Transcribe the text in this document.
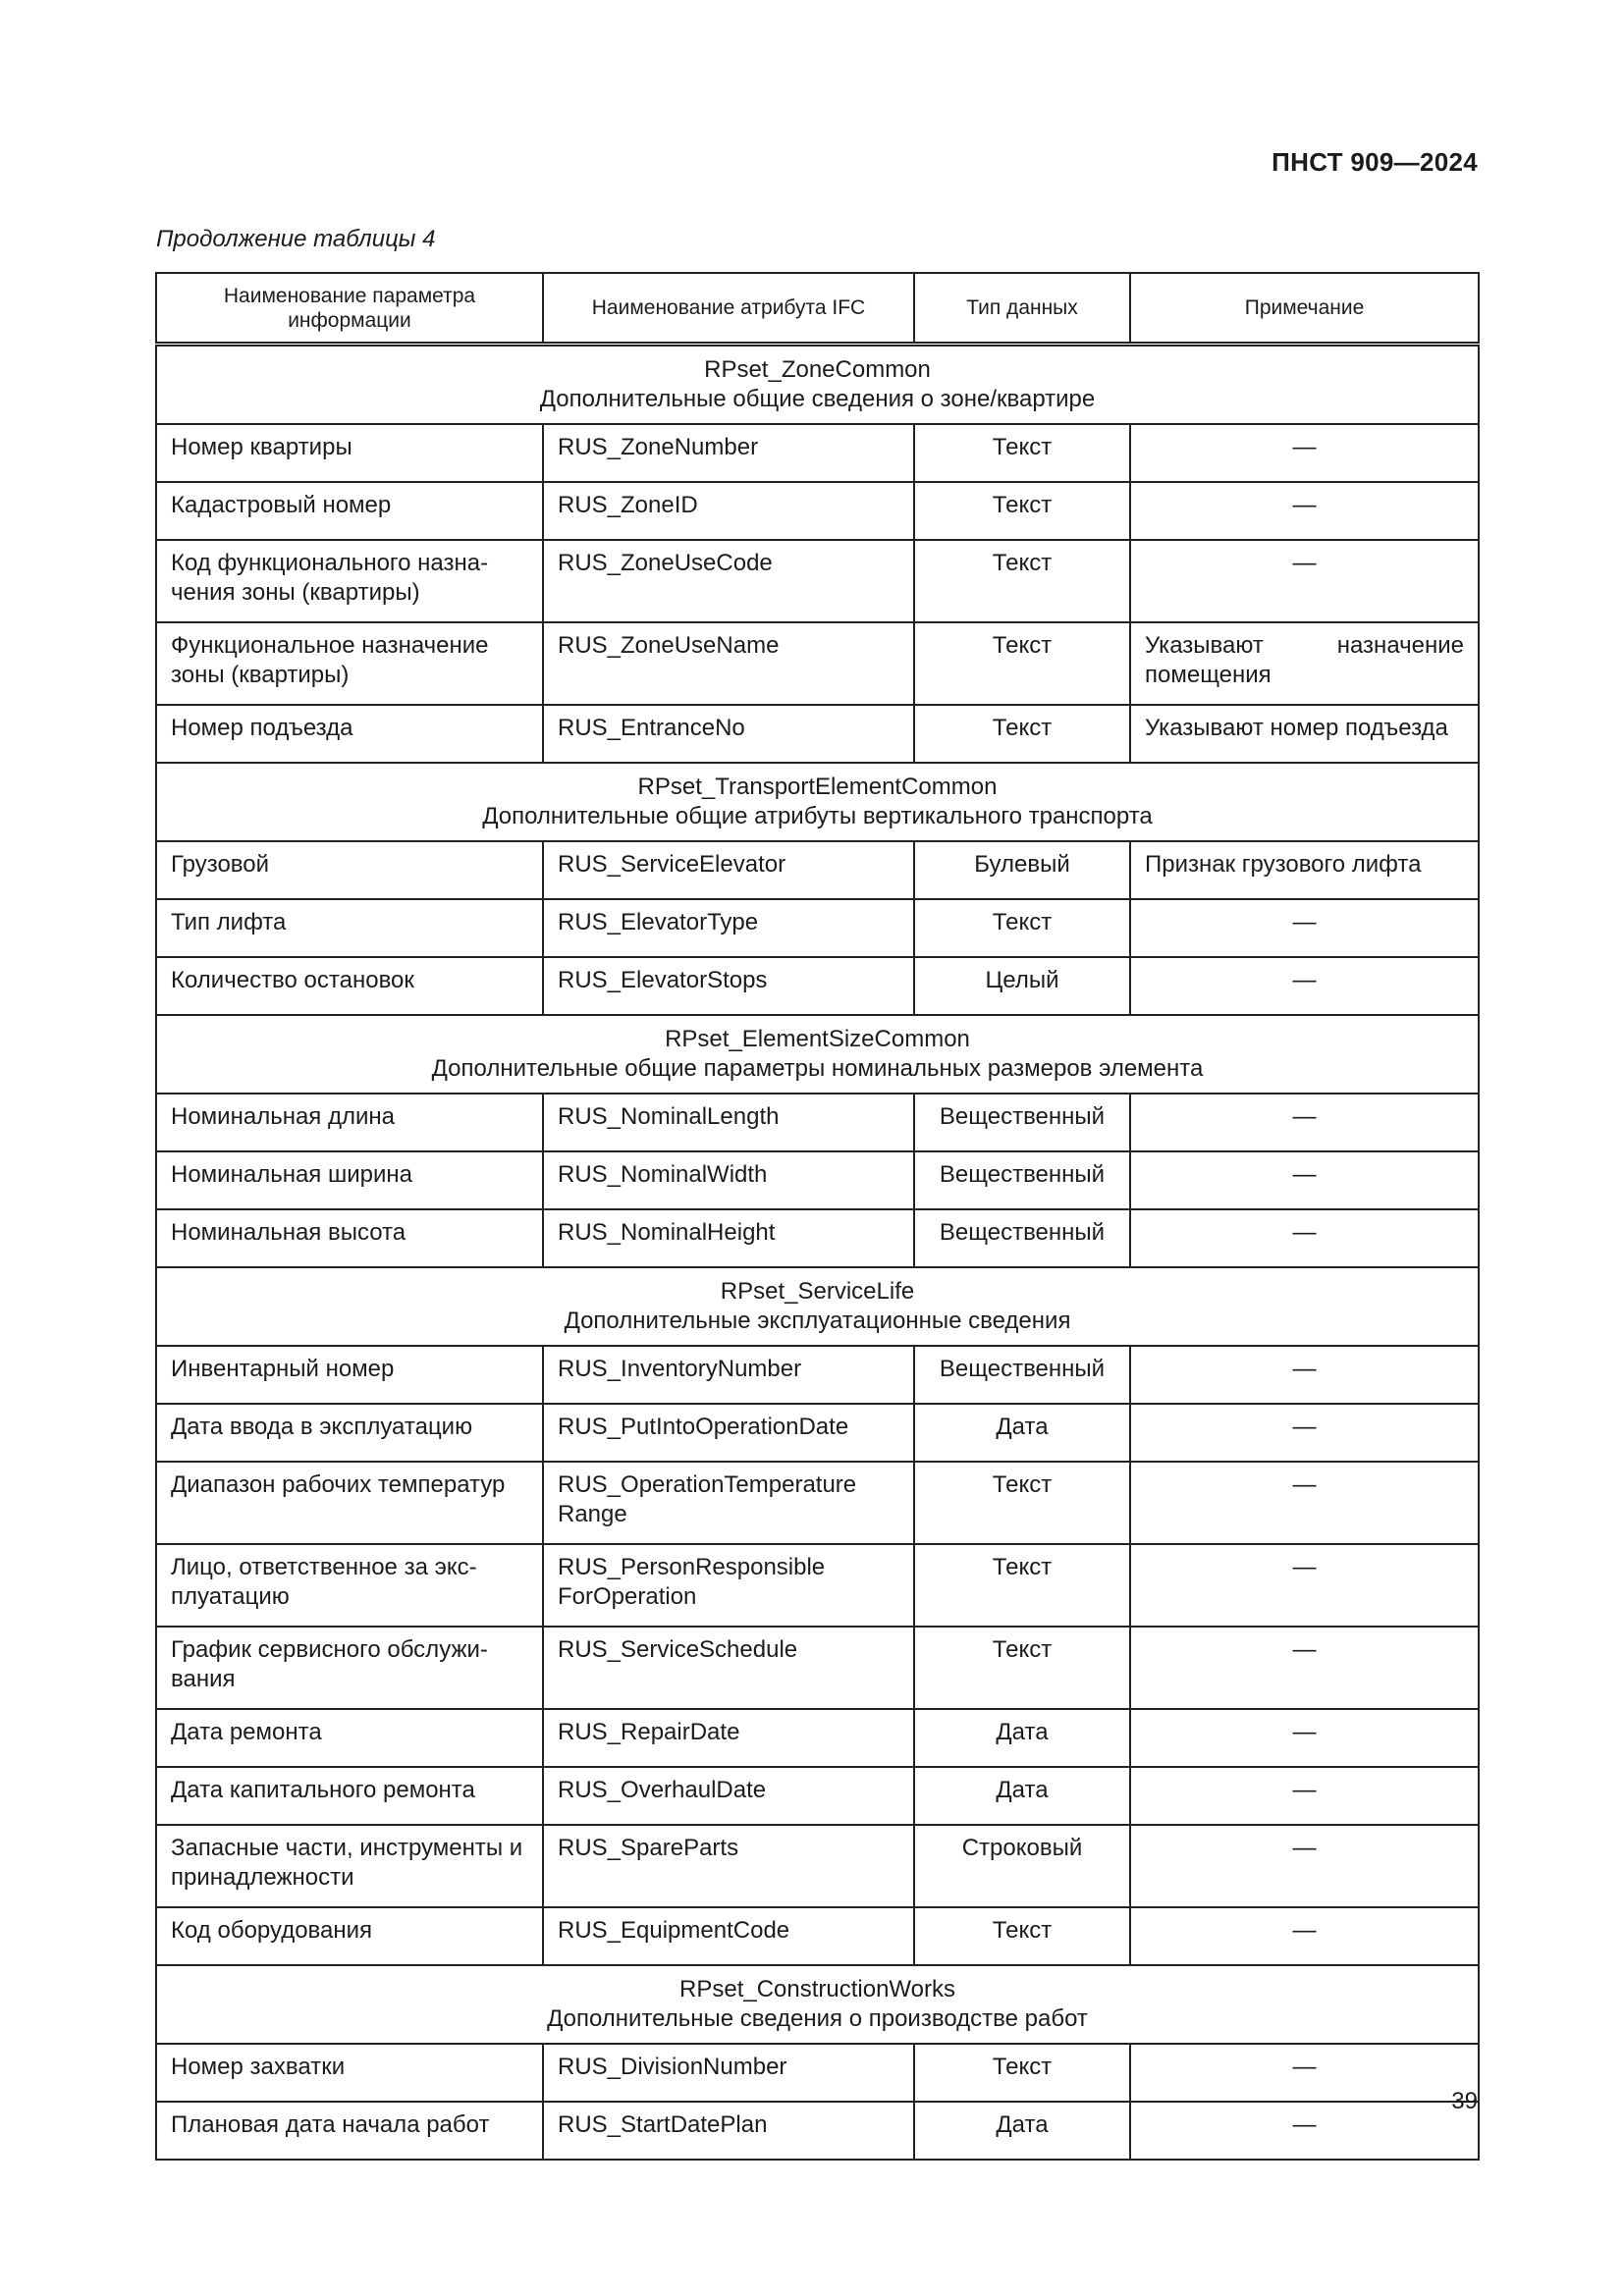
ПНСТ 909—2024
Продолжение таблицы 4
Наименование параметра информации	Наименование атрибута IFC	Тип данных	Примечание

RPset_ZoneCommon
Дополнительные общие сведения о зоне/квартире			

Номер квартиры	RUS_ZoneNumber	Текст	—
Кадастровый номер	RUS_ZoneID	Текст	—
Код функционального назначения зоны (квартиры)	RUS_ZoneUseCode	Текст	—
Функциональное назначение зоны (квартиры)	RUS_ZoneUseName	Текст	Указывают назначение помещения
Номер подъезда	RUS_EntranceNo	Текст	Указывают номер подъезда

RPset_TransportElementCommon
Дополнительные общие атрибуты вертикального транспорта			

Грузовой	RUS_ServiceElevator	Булевый	Признак грузового лифта
Тип лифта	RUS_ElevatorType	Текст	—
Количество остановок	RUS_ElevatorStops	Целый	—

RPset_ElementSizeCommon
Дополнительные общие параметры номинальных размеров элемента			

Номинальная длина	RUS_NominalLength	Вещественный	—
Номинальная ширина	RUS_NominalWidth	Вещественный	—
Номинальная высота	RUS_NominalHeight	Вещественный	—

RPset_ServiceLife
Дополнительные эксплуатационные сведения			

Инвентарный номер	RUS_InventoryNumber	Вещественный	—
Дата ввода в эксплуатацию	RUS_PutIntoOperationDate	Дата	—
Диапазон рабочих температур	RUS_OperationTemperature Range	Текст	—
Лицо, ответственное за эксплуатацию	RUS_PersonResponsible ForOperation	Текст	—
График сервисного обслуживания	RUS_ServiceSchedule	Текст	—
Дата ремонта	RUS_RepairDate	Дата	—
Дата капитального ремонта	RUS_OverhaulDate	Дата	—
Запасные части, инструменты и принадлежности	RUS_SpareParts	Строковый	—
Код оборудования	RUS_EquipmentCode	Текст	—

RPset_ConstructionWorks
Дополнительные сведения о производстве работ			

Номер захватки	RUS_DivisionNumber	Текст	—
Плановая дата начала работ	RUS_StartDatePlan	Дата	—
39
